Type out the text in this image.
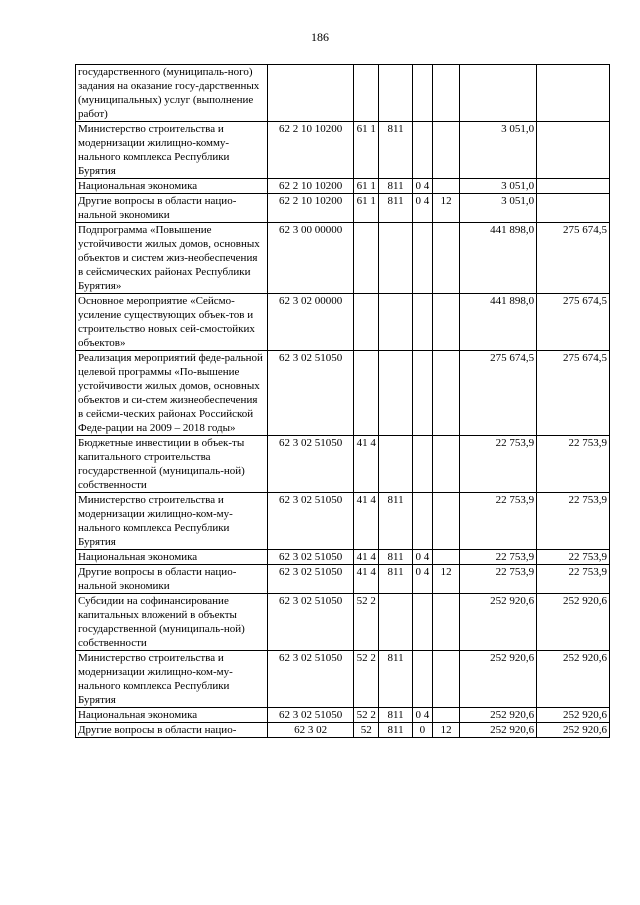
186
государственного (муниципаль-ного) задания на оказание госу-дарственных (муниципальных) услуг (выполнение работ)							
Министерство строительства и модернизации жилищно-комму-нального комплекса Республики Бурятия	62 2 10 10200	61 1	811			3 051,0	
Национальная экономика	62 2 10 10200	61 1	811	0 4		3 051,0	
Другие вопросы в области нацио-нальной экономики	62 2 10 10200	61 1	811	0 4	12	3 051,0	
Подпрограмма «Повышение устойчивости жилых домов, основных объектов и систем жиз-необеспечения в сейсмических районах Республики Бурятия»	62 3 00 00000					441 898,0	275 674,5
Основное мероприятие «Сейсмо-усиление существующих объек-тов и строительство новых сей-смостойких объектов»	62 3 02 00000					441 898,0	275 674,5
Реализация мероприятий феде-ральной целевой программы «По-вышение устойчивости жилых домов, основных объектов и си-стем жизнеобеспечения в сейсми-ческих районах Российской Феде-рации на 2009 – 2018 годы»	62 3 02 51050					275 674,5	275 674,5
Бюджетные инвестиции в объек-ты капитального строительства государственной (муниципаль-ной) собственности	62 3 02 51050	41 4				22 753,9	22 753,9
Министерство строительства и модернизации жилищно-ком-му-нального комплекса Республики Бурятия	62 3 02 51050	41 4	811			22 753,9	22 753,9
Национальная экономика	62 3 02 51050	41 4	811	0 4		22 753,9	22 753,9
Другие вопросы в области нацио-нальной экономики	62 3 02 51050	41 4	811	0 4	12	22 753,9	22 753,9
Субсидии на софинансирование капитальных вложений в объекты государственной (муниципаль-ной) собственности	62 3 02 51050	52 2				252 920,6	252 920,6
Министерство строительства и модернизации жилищно-ком-му-нального комплекса Республики Бурятия	62 3 02 51050	52 2	811			252 920,6	252 920,6
Национальная экономика	62 3 02 51050	52 2	811	0 4		252 920,6	252 920,6
Другие вопросы в области нацио-	62 3 02	52	811	0	12	252 920,6	252 920,6
